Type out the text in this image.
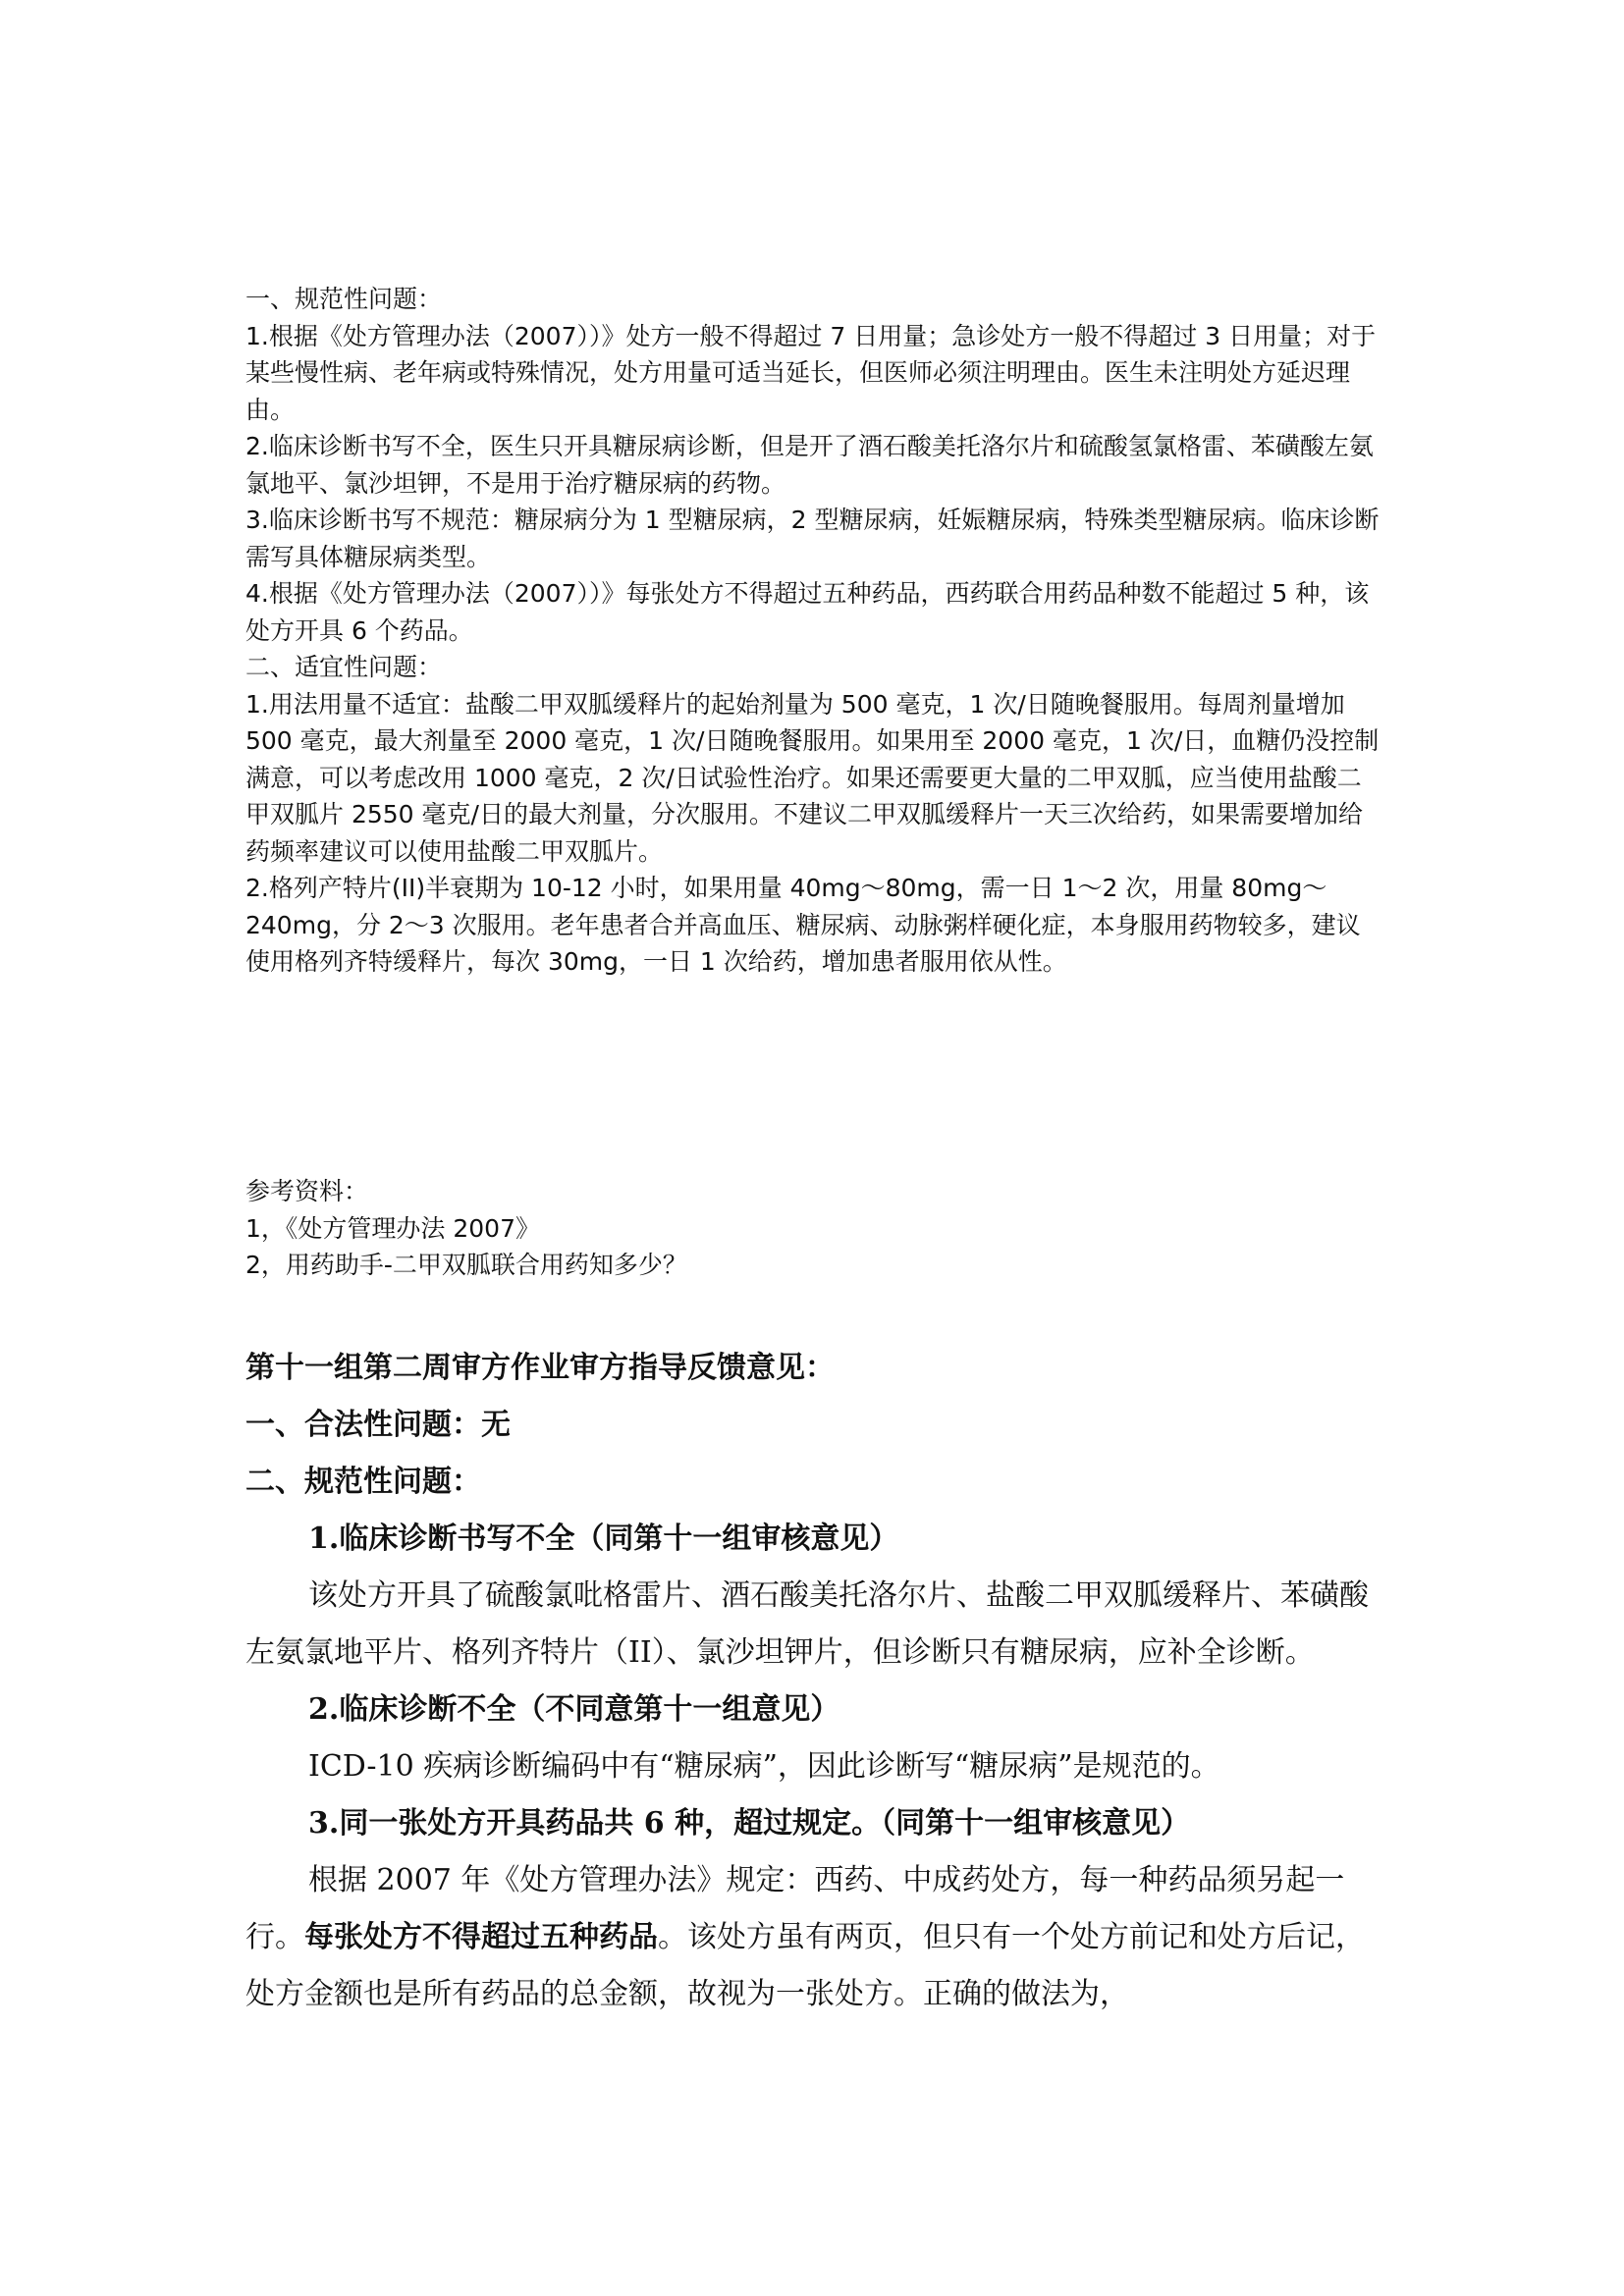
一、规范性问题：

1.根据《处方管理办法（2007））》处方一般不得超过 7 日用量；急诊处方一般不得超过 3 日用量；对于某些慢性病、老年病或特殊情况，处方用量可适当延长，但医师必须注明理由。医生未注明处方延迟理由。

2.临床诊断书写不全，医生只开具糖尿病诊断，但是开了酒石酸美托洛尔片和硫酸氢氯格雷、苯磺酸左氨氯地平、氯沙坦钾，不是用于治疗糖尿病的药物。

3.临床诊断书写不规范：糖尿病分为 1 型糖尿病，2 型糖尿病，妊娠糖尿病，特殊类型糖尿病。临床诊断需写具体糖尿病类型。

4.根据《处方管理办法（2007））》每张处方不得超过五种药品，西药联合用药品种数不能超过 5 种，该处方开具 6 个药品。

二、适宜性问题：

1.用法用量不适宜：盐酸二甲双胍缓释片的起始剂量为 500 毫克，1 次/日随晚餐服用。每周剂量增加 500 毫克，最大剂量至 2000 毫克，1 次/日随晚餐服用。如果用至 2000 毫克，1 次/日，血糖仍没控制满意，可以考虑改用 1000 毫克，2 次/日试验性治疗。如果还需要更大量的二甲双胍，应当使用盐酸二甲双胍片 2550 毫克/日的最大剂量，分次服用。不建议二甲双胍缓释片一天三次给药，如果需要增加给药频率建议可以使用盐酸二甲双胍片。

2.格列产特片(II)半衰期为 10-12 小时，如果用量 40mg～80mg，需一日 1～2 次，用量 80mg～240mg，分 2～3 次服用。老年患者合并高血压、糖尿病、动脉粥样硬化症，本身服用药物较多，建议使用格列齐特缓释片，每次 30mg，一日 1 次给药，增加患者服用依从性。

参考资料：

1，《处方管理办法 2007》

2，用药助手-二甲双胍联合用药知多少？

第十一组第二周审方作业审方指导反馈意见：

一、合法性问题：无

二、规范性问题：

1.临床诊断书写不全（同第十一组审核意见）

该处方开具了硫酸氯吡格雷片、酒石酸美托洛尔片、盐酸二甲双胍缓释片、苯磺酸左氨氯地平片、格列齐特片（II）、氯沙坦钾片，但诊断只有糖尿病，应补全诊断。

2.临床诊断不全（不同意第十一组意见）

ICD-10 疾病诊断编码中有“糖尿病”，因此诊断写“糖尿病”是规范的。

3.同一张处方开具药品共 6 种，超过规定。（同第十一组审核意见）

根据 2007 年《处方管理办法》规定：西药、中成药处方，每一种药品须另起一行。每张处方不得超过五种药品。该处方虽有两页，但只有一个处方前记和处方后记，处方金额也是所有药品的总金额，故视为一张处方。正确的做法为，
